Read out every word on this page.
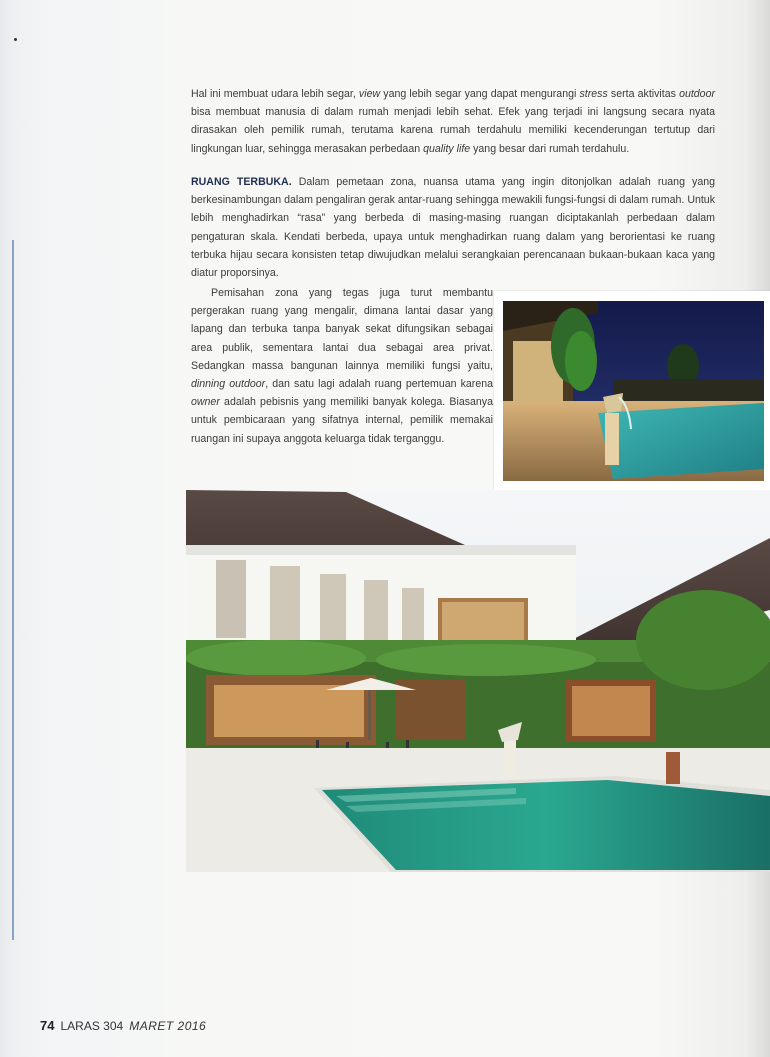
Hal ini membuat udara lebih segar, view yang lebih segar yang dapat mengurangi stress serta aktivitas outdoor bisa membuat manusia di dalam rumah menjadi lebih sehat. Efek yang terjadi ini langsung secara nyata dirasakan oleh pemilik rumah, terutama karena rumah terdahulu memiliki kecenderungan tertutup dari lingkungan luar, sehingga merasakan perbedaan quality life yang besar dari rumah terdahulu.
RUANG TERBUKA. Dalam pemetaan zona, nuansa utama yang ingin ditonjolkan adalah ruang yang berkesinambungan dalam pengaliran gerak antar-ruang sehingga mewakili fungsi-fungsi di dalam rumah. Untuk lebih menghadirkan “rasa” yang berbeda di masing-masing ruangan diciptakanlah perbedaan dalam pengaturan skala. Kendati berbeda, upaya untuk menghadirkan ruang dalam yang berorientasi ke ruang terbuka hijau secara konsisten tetap diwujudkan melalui serangkaian perencanaan bukaan-bukaan kaca yang diatur proporsinya.
Pemisahan zona yang tegas juga turut membantu pergerakan ruang yang mengalir, dimana lantai dasar yang lapang dan terbuka tanpa banyak sekat difungsikan sebagai area publik, sementara lantai dua sebagai area privat. Sedangkan massa bangunan lainnya memiliki fungsi yaitu, dinning outdoor, dan satu lagi adalah ruang pertemuan karena owner adalah pebisnis yang memiliki banyak kolega. Biasanya untuk pembicaraan yang sifatnya internal, pemilik memakai ruangan ini supaya anggota keluarga tidak terganggu.
74 LARAS 304 MARET 2016
